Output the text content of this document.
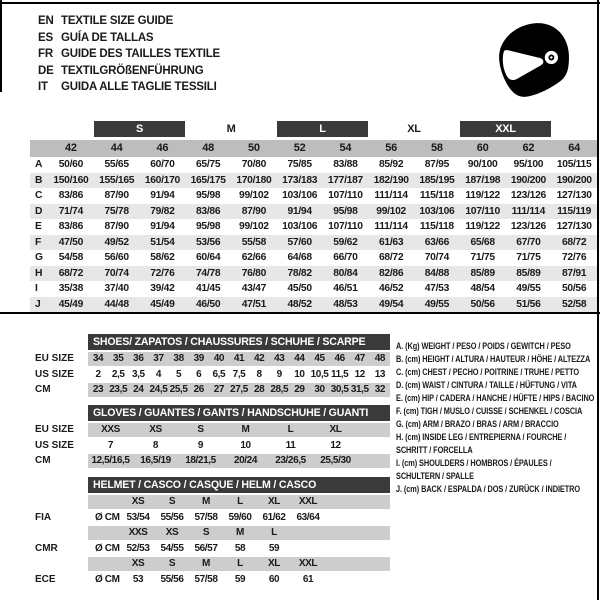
EN TEXTILE SIZE GUIDE
ES GUÍA DE TALLAS
FR GUIDE DES TAILLES TEXTILE
DE TEXTILGRÖßENFÜHRUNG
IT	GUIDA ALLE TAGLIE TESSILI
S	M	L	XL	XXL
42	44	46	48	50	52	54	56	58	60	62	64
A	50/60	55/65	60/70	65/75	70/80	75/85	83/88	85/92	87/95	90/100	95/100	105/115
B	150/160	155/165	160/170	165/175	170/180	173/183	177/187	182/190	185/195	187/198	190/200	190/200
C	83/86	87/90	91/94	95/98	99/102	103/106	107/110	111/114	115/118	119/122	123/126	127/130
D	71/74	75/78	79/82	83/86	87/90	91/94	95/98	99/102	103/106	107/110	111/114	115/119
E	83/86	87/90	91/94	95/98	99/102	103/106	107/110	111/114	115/118	119/122	123/126	127/130
F	47/50	49/52	51/54	53/56	55/58	57/60	59/62	61/63	63/66	65/68	67/70	68/72
G	54/58	56/60	58/62	60/64	62/66	64/68	66/70	68/72	70/74	71/75	71/75	72/76
H	68/72	70/74	72/76	74/78	76/80	78/82	80/84	82/86	84/88	85/89	85/89	87/91
I	35/38	37/40	39/42	41/45	43/47	45/50	46/51	46/52	47/53	48/54	49/55	50/56
J	45/49	44/48	45/49	46/50	47/51	48/52	48/53	49/54	49/55	50/56	51/56	52/58
SHOES/ ZAPATOS / CHAUSSURES / SCHUHE / SCARPE
EU SIZE	34 35 36 37 38 39 40 41 42 43 44 45 46 47 48
US SIZE	2	2,5 3,5	4	5	6	6,5 7,5	8	9	10 10,5 11,5 12 13
CM	23 23,5 24 24,5 25,5 26 27 27,5 28 28,5 29 30 30,5 31,5 32
GLOVES / GUANTES / GANTS / HANDSCHUHE / GUANTI
EU SIZE	XXS	XS	S	M	L	XL
US SIZE	7	8	9	10	11	12
CM	12,5/16,5	16,5/19	18/21,5	20/24	23/26,5	25,5/30
HELMET / CASCO / CASQUE / HELM / CASCO
XS	S	M	L	XL	XXL
FIA	Ø CM 53/54	55/56	57/58	59/60	61/62	63/64
XXS	XS	S	M	L
CMR	Ø CM 52/53	54/55	56/57	58	59
XS	S	M	L	XL	XXL
ECE	Ø CM	53	55/56	57/58	59	60	61
A. (Kg) WEIGHT / PESO / POIDS / GEWITCH / PESO
B. (cm) HEIGHT / ALTURA / HAUTEUR / HÖHE / ALTEZZA
C. (cm) CHEST / PECHO / POITRINE / TRUHE / PETTO
D. (cm) WAIST / CINTURA / TAILLE / HÜFTUNG / VITA
E. (cm) HIP / CADERA / HANCHE / HÜFTE / HIPS / BACINO
F. (cm) TIGH / MUSLO / CUISSE / SCHENKEL / COSCIA
G. (cm) ARM / BRAZO / BRAS / ARM / BRACCIO
H. (cm) INSIDE LEG / ENTREPIERNA / FOURCHE /
SCHRITT / FORCELLA
I. (cm) SHOULDERS / HOMBROS / ÉPAULES /
SCHULTERN / SPALLE
J. (cm) BACK / ESPALDA / DOS / ZURÜCK / INDIETRO
